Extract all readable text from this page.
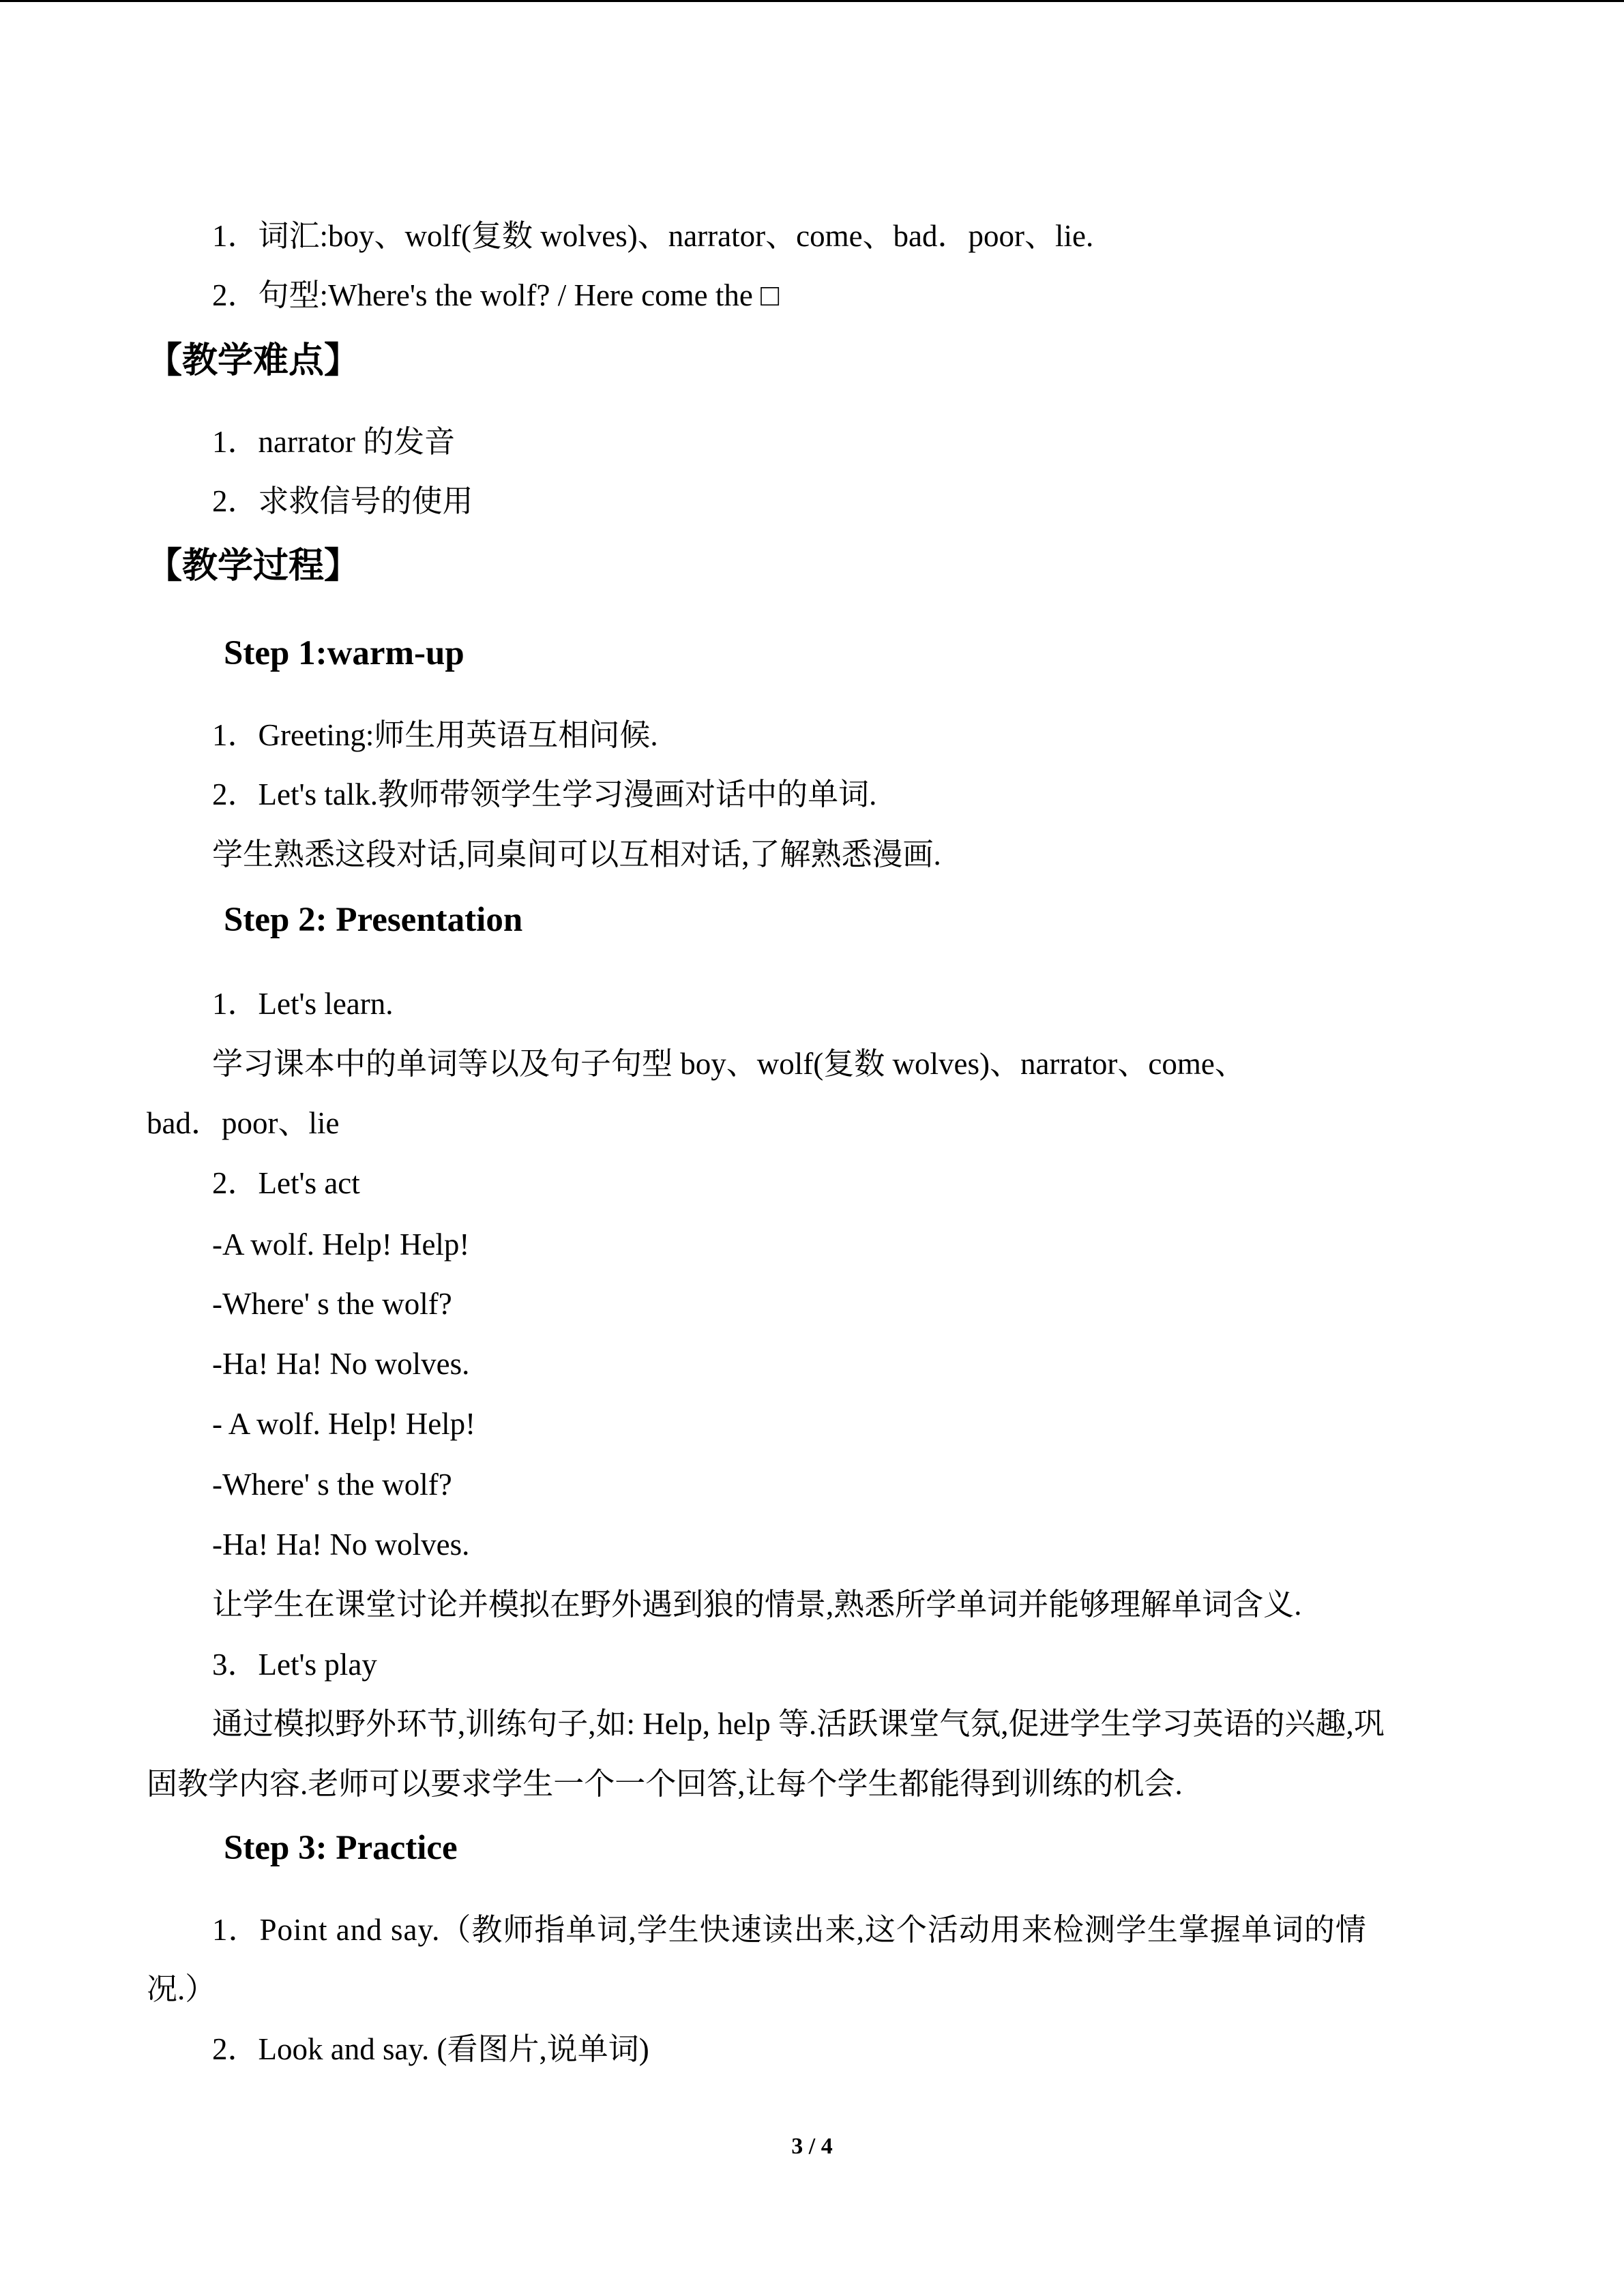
1．词汇:boy、wolf(复数 wolves)、narrator、come、bad．poor、lie.
2．句型:Where's the wolf? / Here come the □
【教学难点】
1．narrator 的发音
2．求救信号的使用
【教学过程】
Step 1:warm-up
1．Greeting:师生用英语互相问候.
2．Let's talk.教师带领学生学习漫画对话中的单词.
学生熟悉这段对话,同桌间可以互相对话,了解熟悉漫画.
Step 2: Presentation
1．Let's learn.
学习课本中的单词等以及句子句型 boy、wolf(复数 wolves)、narrator、come、
bad．poor、lie
2．Let's act
-A wolf. Help! Help!
-Where' s the wolf?
-Ha! Ha! No wolves.
- A wolf. Help! Help!
-Where' s the wolf?
-Ha! Ha! No wolves.
让学生在课堂讨论并模拟在野外遇到狼的情景,熟悉所学单词并能够理解单词含义.
3．Let's play
通过模拟野外环节,训练句子,如: Help, help 等.活跃课堂气氛,促进学生学习英语的兴趣,巩
固教学内容.老师可以要求学生一个一个回答,让每个学生都能得到训练的机会.
Step 3: Practice
1．Point and say.（教师指单词,学生快速读出来,这个活动用来检测学生掌握单词的情
况.）
2．Look and say. (看图片,说单词)
3 / 4
